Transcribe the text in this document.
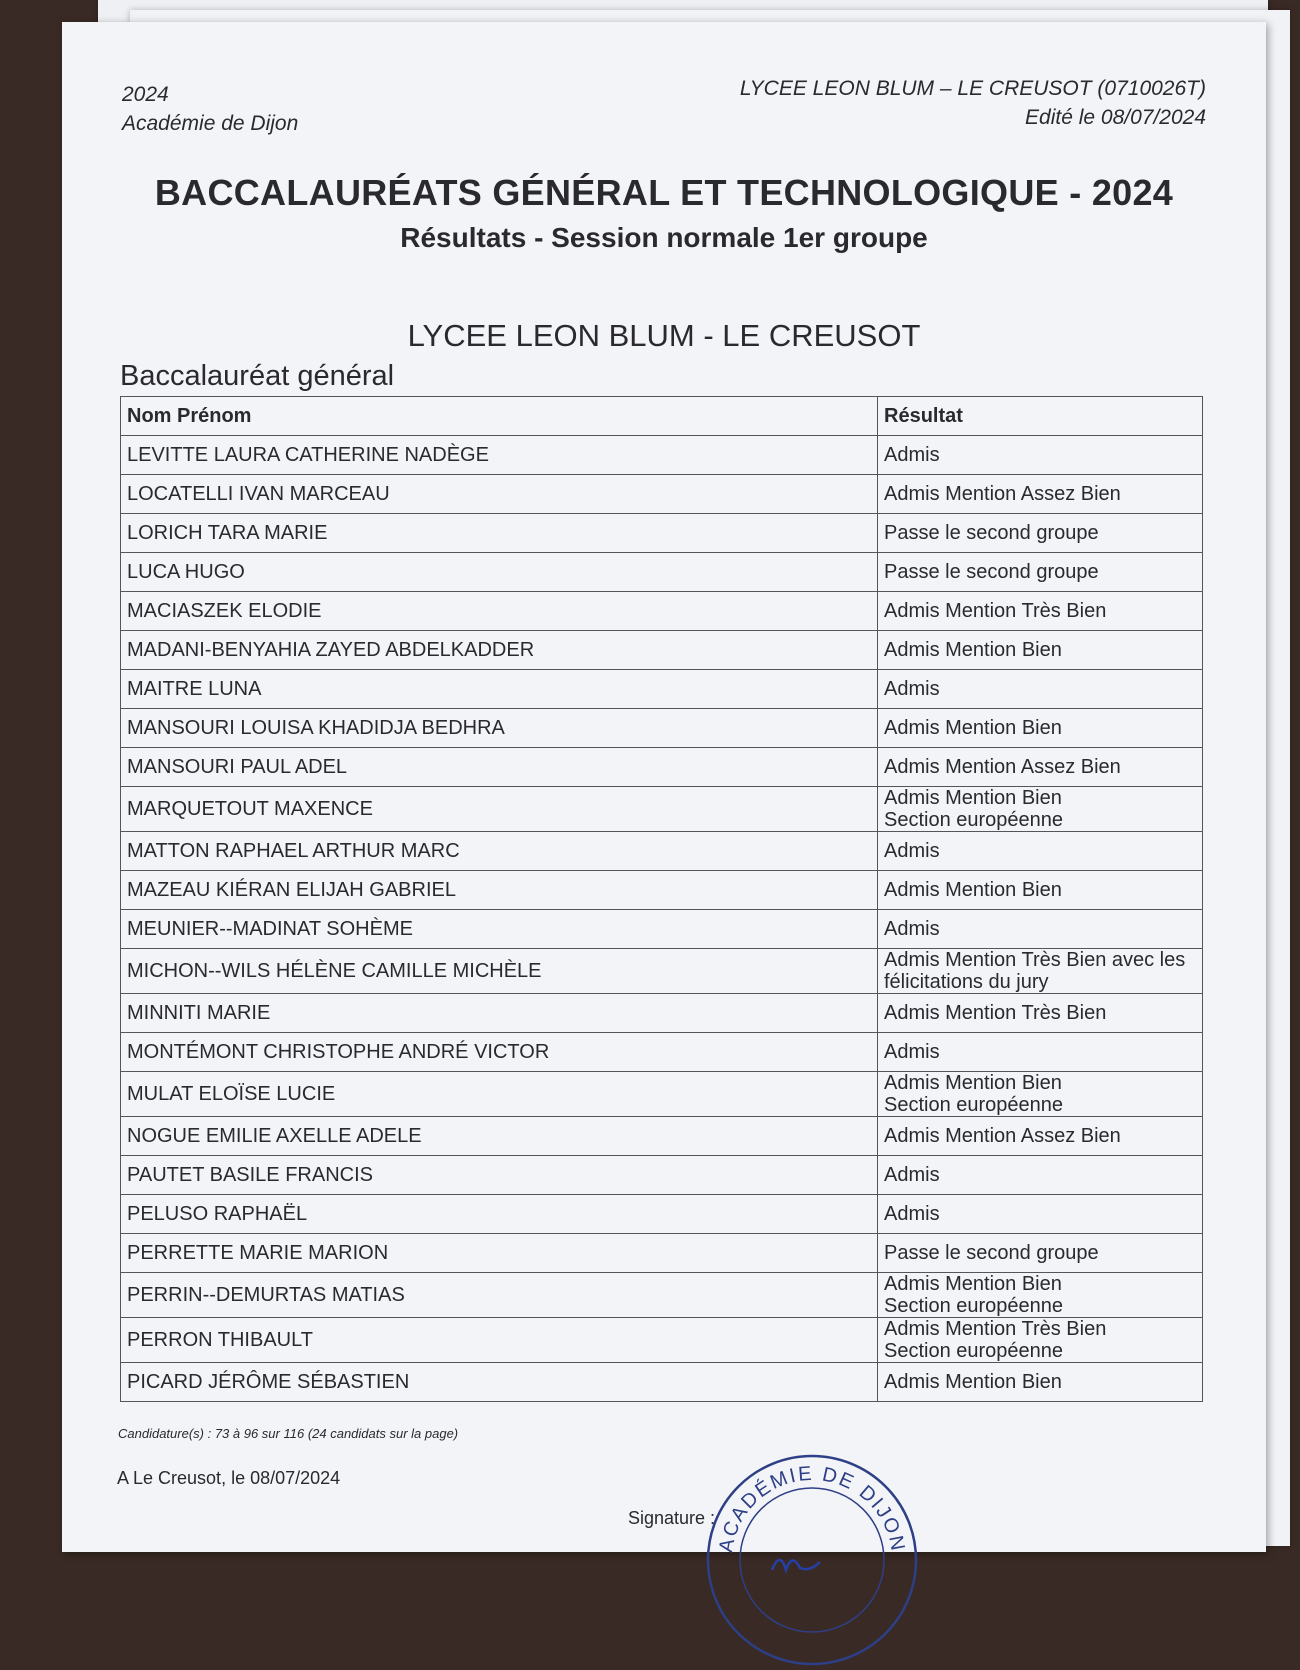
2024
Académie de Dijon
LYCEE LEON BLUM – LE CREUSOT (0710026T)
Edité le 08/07/2024
BACCALAURÉATS GÉNÉRAL ET TECHNOLOGIQUE - 2024
Résultats - Session normale 1er groupe
LYCEE LEON BLUM - LE CREUSOT
Baccalauréat général
Nom Prénom	Résultat
LEVITTE LAURA CATHERINE NADÈGE	Admis

LOCATELLI IVAN MARCEAU	Admis Mention Assez Bien

LORICH TARA MARIE	Passe le second groupe

LUCA HUGO	Passe le second groupe

MACIASZEK ELODIE	Admis Mention Très Bien

MADANI-BENYAHIA ZAYED ABDELKADDER	Admis Mention Bien

MAITRE LUNA	Admis

MANSOURI LOUISA KHADIDJA BEDHRA	Admis Mention Bien

MANSOURI PAUL ADEL	Admis Mention Assez Bien

MARQUETOUT MAXENCE	Admis Mention Bien
Section européenne

MATTON RAPHAEL ARTHUR MARC	Admis

MAZEAU KIÉRAN ELIJAH GABRIEL	Admis Mention Bien

MEUNIER--MADINAT SOHÈME	Admis

MICHON--WILS HÉLÈNE CAMILLE MICHÈLE	Admis Mention Très Bien avec les
félicitations du jury

MINNITI MARIE	Admis Mention Très Bien

MONTÉMONT CHRISTOPHE ANDRÉ VICTOR	Admis

MULAT ELOÏSE LUCIE	Admis Mention Bien
Section européenne

NOGUE EMILIE AXELLE ADELE	Admis Mention Assez Bien

PAUTET BASILE FRANCIS	Admis

PELUSO RAPHAËL	Admis

PERRETTE MARIE MARION	Passe le second groupe

PERRIN--DEMURTAS MATIAS	Admis Mention Bien
Section européenne

PERRON THIBAULT	Admis Mention Très Bien
Section européenne

PICARD JÉRÔME SÉBASTIEN	Admis Mention Bien
Candidature(s) : 73 à 96 sur 116 (24 candidats sur la page)
A Le Creusot, le 08/07/2024
Signature :
ACADÉMIE DE DIJON
